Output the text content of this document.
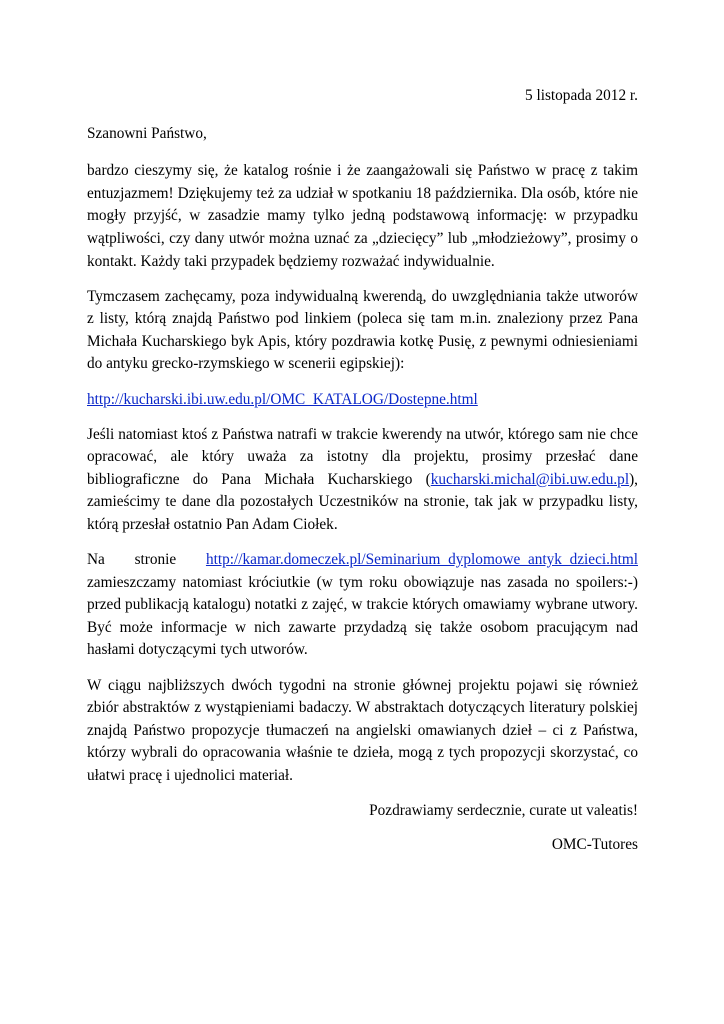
5 listopada 2012 r.

Szanowni Państwo,

bardzo cieszymy się, że katalog rośnie i że zaangażowali się Państwo w pracę z takim entuzjazmem! Dziękujemy też za udział w spotkaniu 18 października. Dla osób, które nie mogły przyjść, w zasadzie mamy tylko jedną podstawową informację: w przypadku wątpliwości, czy dany utwór można uznać za „dziecięcy” lub „młodzieżowy”, prosimy o kontakt. Każdy taki przypadek będziemy rozważać indywidualnie.

Tymczasem zachęcamy, poza indywidualną kwerendą, do uwzględniania także utworów z listy, którą znajdą Państwo pod linkiem (poleca się tam m.in. znaleziony przez Pana Michała Kucharskiego byk Apis, który pozdrawia kotkę Pusię, z pewnymi odniesieniami do antyku grecko-rzymskiego w scenerii egipskiej):

http://kucharski.ibi.uw.edu.pl/OMC_KATALOG/Dostepne.html

Jeśli natomiast ktoś z Państwa natrafi w trakcie kwerendy na utwór, którego sam nie chce opracować, ale który uważa za istotny dla projektu, prosimy przesłać dane bibliograficzne do Pana Michała Kucharskiego (kucharski.michal@ibi.uw.edu.pl), zamieścimy te dane dla pozostałych Uczestników na stronie, tak jak w przypadku listy, którą przesłał ostatnio Pan Adam Ciołek.

Na stronie http://kamar.domeczek.pl/Seminarium_dyplomowe_antyk_dzieci.html

zamieszczamy natomiast króciutkie (w tym roku obowiązuje nas zasada no spoilers:-) przed publikacją katalogu) notatki z zajęć, w trakcie których omawiamy wybrane utwory. Być może informacje w nich zawarte przydadzą się także osobom pracującym nad hasłami dotyczącymi tych utworów.

W ciągu najbliższych dwóch tygodni na stronie głównej projektu pojawi się również zbiór abstraktów z wystąpieniami badaczy. W abstraktach dotyczących literatury polskiej znajdą Państwo propozycje tłumaczeń na angielski omawianych dzieł – ci z Państwa, którzy wybrali do opracowania właśnie te dzieła, mogą z tych propozycji skorzystać, co ułatwi pracę i ujednolici materiał.

Pozdrawiamy serdecznie, curate ut valeatis!

OMC-Tutores
